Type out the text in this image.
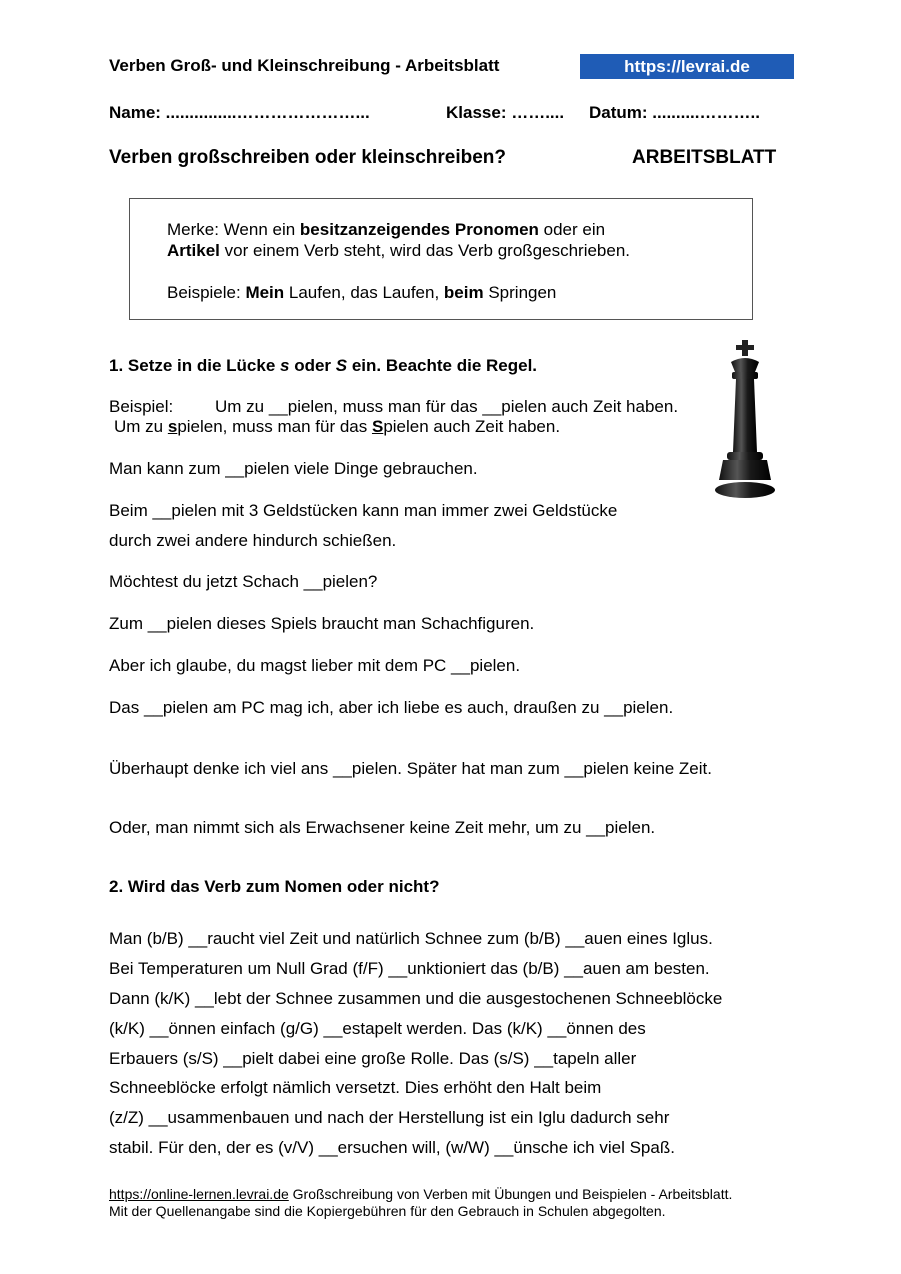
Verben Groß- und Kleinschreibung - Arbeitsblatt	https://levrai.de
Name: ...............…………………...	Klasse: …….... Datum: ..........………..
Verben großschreiben oder kleinschreiben?	ARBEITSBLATT
Merke: Wenn ein besitzanzeigendes Pronomen oder ein
Artikel vor einem Verb steht, wird das Verb großgeschrieben.
Beispiele: Mein Laufen, das Laufen, beim Springen
1. Setze in die Lücke s oder S ein. Beachte die Regel.
Beispiel: Um zu __pielen, muss man für das __pielen auch Zeit haben.
Um zu spielen, muss man für das Spielen auch Zeit haben.
Man kann zum __pielen viele Dinge gebrauchen.
Beim __pielen mit 3 Geldstücken kann man immer zwei Geldstücke
durch zwei andere hindurch schießen.
Möchtest du jetzt Schach __pielen?
Zum __pielen dieses Spiels braucht man Schachfiguren.
Aber ich glaube, du magst lieber mit dem PC __pielen.
Das __pielen am PC mag ich, aber ich liebe es auch, draußen zu __pielen.
Überhaupt denke ich viel ans __pielen. Später hat man zum __pielen keine Zeit.
Oder, man nimmt sich als Erwachsener keine Zeit mehr, um zu __pielen.
2. Wird das Verb zum Nomen oder nicht?
Man (b/B) __raucht viel Zeit und natürlich Schnee zum (b/B) __auen eines Iglus.
Bei Temperaturen um Null Grad (f/F) __unktioniert das (b/B) __auen am besten.
Dann (k/K) __lebt der Schnee zusammen und die ausgestochenen Schneeblöcke
(k/K) __önnen einfach (g/G) __estapelt werden. Das (k/K) __önnen des
Erbauers (s/S) __pielt dabei eine große Rolle. Das (s/S) __tapeln aller
Schneeblöcke erfolgt nämlich versetzt. Dies erhöht den Halt beim
(z/Z) __usammenbauen und nach der Herstellung ist ein Iglu dadurch sehr
stabil. Für den, der es (v/V) __ersuchen will, (w/W) __ünsche ich viel Spaß.
https://online-lernen.levrai.de Großschreibung von Verben mit Übungen und Beispielen - Arbeitsblatt.
Mit der Quellenangabe sind die Kopiergebühren für den Gebrauch in Schulen abgegolten.
